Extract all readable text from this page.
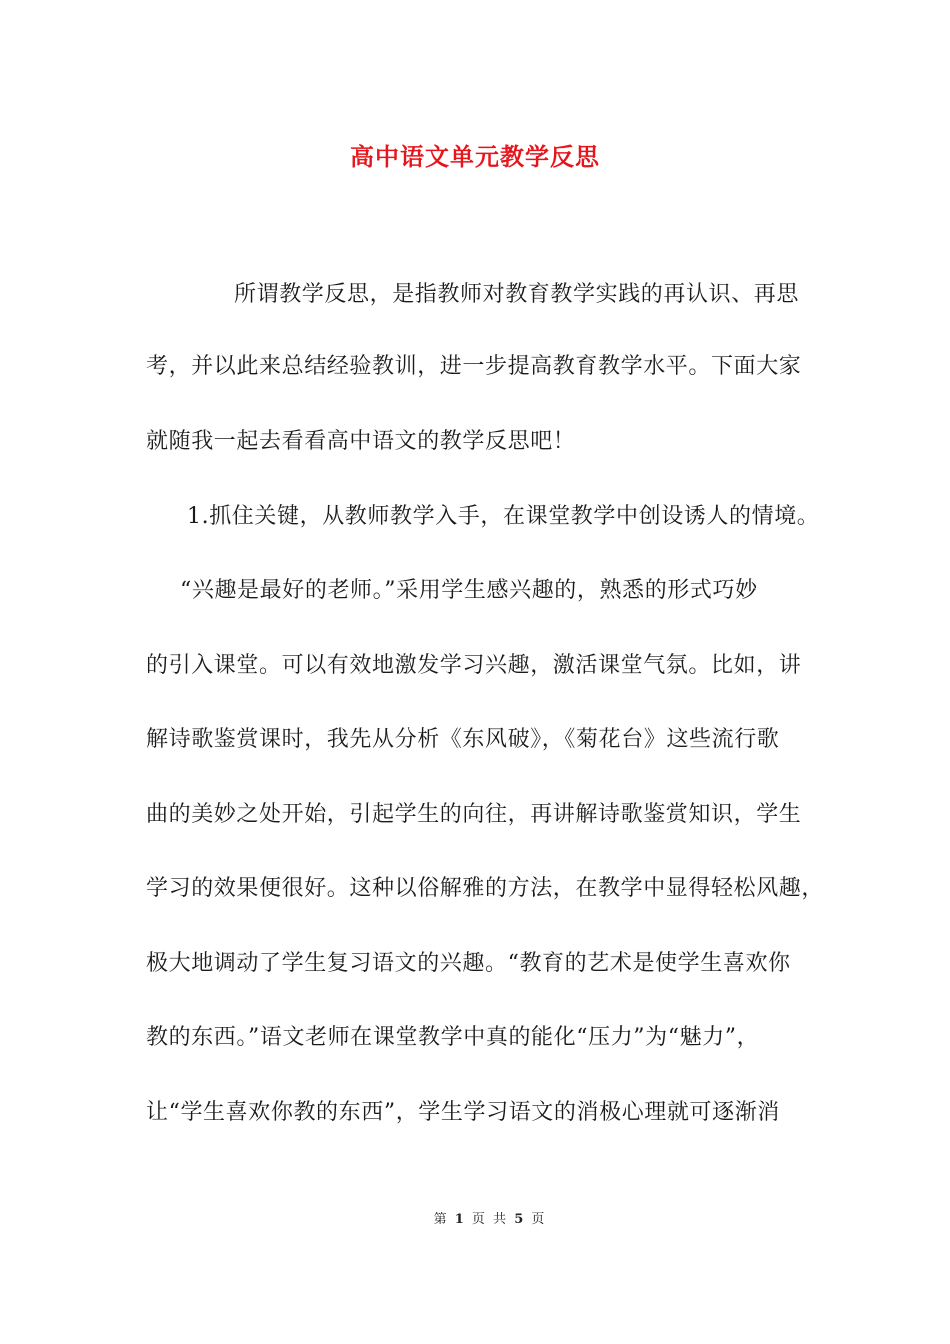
高中语文单元教学反思
所谓教学反思，是指教师对教育教学实践的再认识、再思
考，并以此来总结经验教训，进一步提高教育教学水平。下面大家
就随我一起去看看高中语文的教学反思吧！
1.抓住关键，从教师教学入手，在课堂教学中创设诱人的情境。
“兴趣是最好的老师。”采用学生感兴趣的，熟悉的形式巧妙
的引入课堂。可以有效地激发学习兴趣，激活课堂气氛。比如，讲
解诗歌鉴赏课时，我先从分析《东风破》，《菊花台》这些流行歌
曲的美妙之处开始，引起学生的向往，再讲解诗歌鉴赏知识，学生
学习的效果便很好。这种以俗解雅的方法，在教学中显得轻松风趣，
极大地调动了学生复习语文的兴趣。“教育的艺术是使学生喜欢你
教的东西。”语文老师在课堂教学中真的能化“压力”为“魅力”，
让“学生喜欢你教的东西”，学生学习语文的消极心理就可逐渐消
第 1 页 共 5 页
